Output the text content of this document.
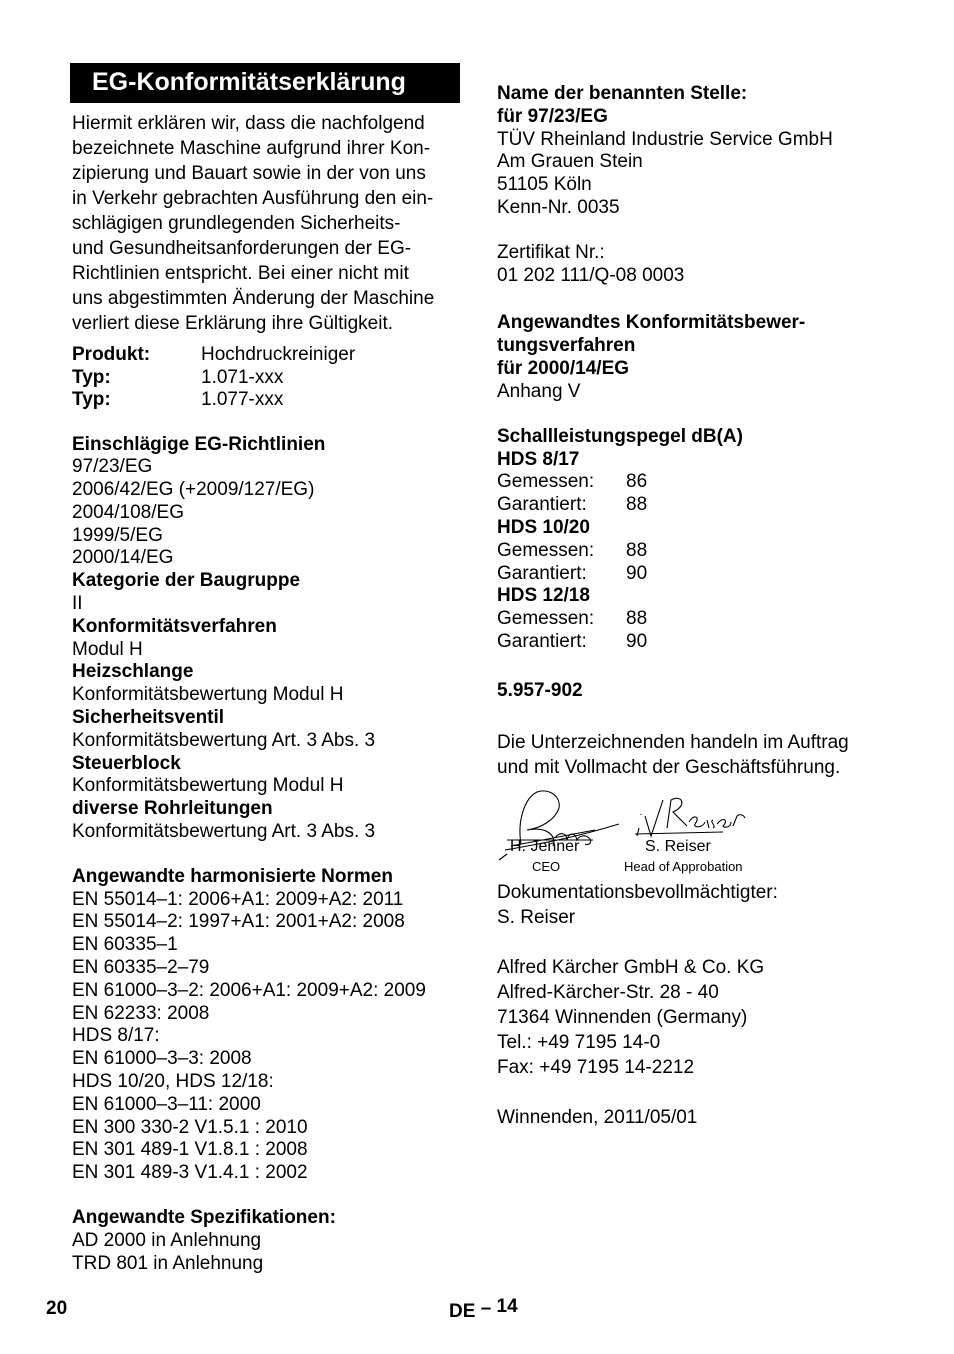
EG-Konformitätserklärung
Hiermit erklären wir, dass die nachfolgend
bezeichnete Maschine aufgrund ihrer Kon-
zipierung und Bauart sowie in der von uns
in Verkehr gebrachten Ausführung den ein-
schlägigen grundlegenden Sicherheits-
und Gesundheitsanforderungen der EG-
Richtlinien entspricht. Bei einer nicht mit
uns abgestimmten Änderung der Maschine
verliert diese Erklärung ihre Gültigkeit.
Produkt:	Hochdruckreiniger
Typ:	1.071-xxx
Typ:	1.077-xxx
Einschlägige EG-Richtlinien
97/23/EG
2006/42/EG (+2009/127/EG)
2004/108/EG
1999/5/EG
2000/14/EG
Kategorie der Baugruppe
II
Konformitätsverfahren
Modul H
Heizschlange
Konformitätsbewertung Modul H
Sicherheitsventil
Konformitätsbewertung Art. 3 Abs. 3
Steuerblock
Konformitätsbewertung Modul H
diverse Rohrleitungen
Konformitätsbewertung Art. 3 Abs. 3
Angewandte harmonisierte Normen
EN 55014–1: 2006+A1: 2009+A2: 2011
EN 55014–2: 1997+A1: 2001+A2: 2008
EN 60335–1
EN 60335–2–79
EN 61000–3–2: 2006+A1: 2009+A2: 2009
EN 62233: 2008
HDS 8/17:
EN 61000–3–3: 2008
HDS 10/20, HDS 12/18:
EN 61000–3–11: 2000
EN 300 330-2 V1.5.1 : 2010
EN 301 489-1 V1.8.1 : 2008
EN 301 489-3 V1.4.1 : 2002
Angewandte Spezifikationen:
AD 2000 in Anlehnung
TRD 801 in Anlehnung
Name der benannten Stelle:
für 97/23/EG
TÜV Rheinland Industrie Service GmbH
Am Grauen Stein
51105 Köln
Kenn-Nr. 0035
Zertifikat Nr.:
01 202 111/Q-08 0003
Angewandtes Konformitätsbewer-
tungsverfahren
für 2000/14/EG
Anhang V
Schallleistungspegel dB(A)
HDS 8/17
Gemessen:	86
Garantiert:	88
HDS 10/20
Gemessen:	88
Garantiert:	90
HDS 12/18
Gemessen:	88
Garantiert:	90
5.957-902
Die Unterzeichnenden handeln im Auftrag
und mit Vollmacht der Geschäftsführung.
H. Jenner
CEO
S. Reiser
Head of Approbation
Dokumentationsbevollmächtigter:
S. Reiser
Alfred Kärcher GmbH & Co. KG
Alfred-Kärcher-Str. 28 - 40
71364 Winnenden (Germany)
Tel.: +49 7195 14-0
Fax: +49 7195 14-2212
Winnenden, 2011/05/01
20	DE – 14
